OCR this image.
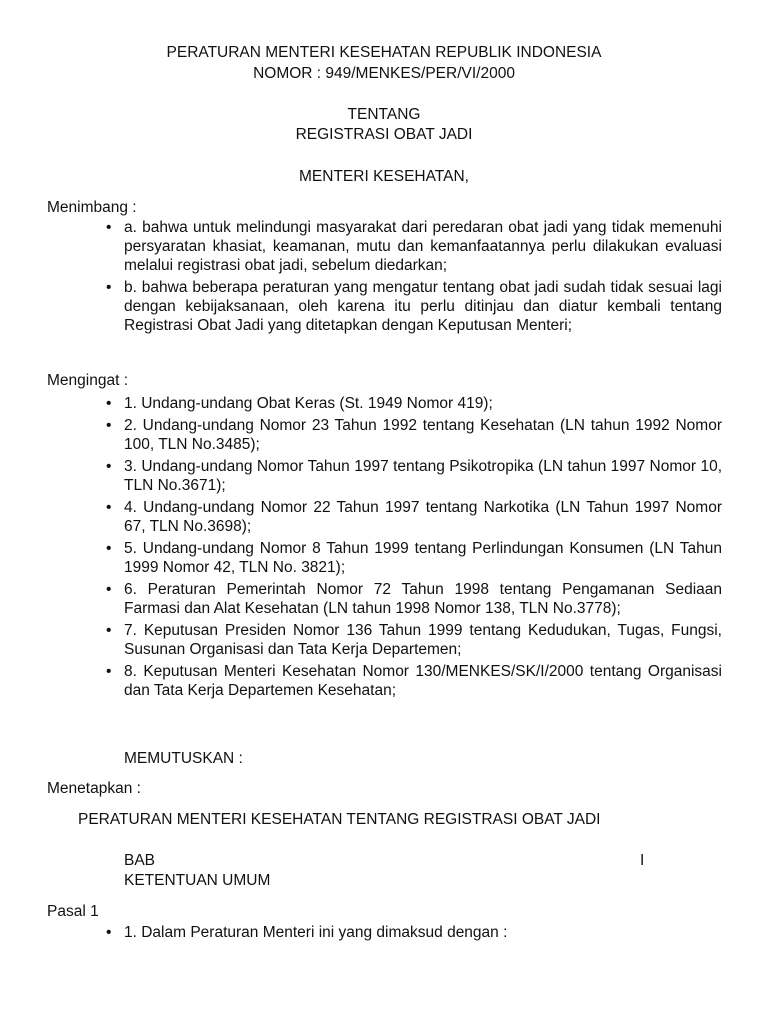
PERATURAN MENTERI KESEHATAN REPUBLIK INDONESIA
NOMOR : 949/MENKES/PER/VI/2000
TENTANG
REGISTRASI OBAT JADI
MENTERI KESEHATAN,
Menimbang :
• a. bahwa untuk melindungi masyarakat dari peredaran obat jadi yang tidak memenuhi persyaratan khasiat, keamanan, mutu dan kemanfaatannya perlu dilakukan evaluasi melalui registrasi obat jadi, sebelum diedarkan;
• b. bahwa beberapa peraturan yang mengatur tentang obat jadi sudah tidak sesuai lagi dengan kebijaksanaan, oleh karena itu perlu ditinjau dan diatur kembali tentang Registrasi Obat Jadi yang ditetapkan dengan Keputusan Menteri;
Mengingat :
• 1. Undang-undang Obat Keras (St. 1949 Nomor 419);
• 2. Undang-undang Nomor 23 Tahun 1992 tentang Kesehatan (LN tahun 1992 Nomor 100, TLN No.3485);
• 3. Undang-undang Nomor Tahun 1997 tentang Psikotropika (LN tahun 1997 Nomor 10, TLN No.3671);
• 4. Undang-undang Nomor 22 Tahun 1997 tentang Narkotika (LN Tahun 1997 Nomor 67, TLN No.3698);
• 5. Undang-undang Nomor 8 Tahun 1999 tentang Perlindungan Konsumen (LN Tahun 1999 Nomor 42, TLN No. 3821);
• 6. Peraturan Pemerintah Nomor 72 Tahun 1998 tentang Pengamanan Sediaan Farmasi dan Alat Kesehatan (LN tahun 1998 Nomor 138, TLN No.3778);
• 7. Keputusan Presiden Nomor 136 Tahun 1999 tentang Kedudukan, Tugas, Fungsi, Susunan Organisasi dan Tata Kerja Departemen;
• 8. Keputusan Menteri Kesehatan Nomor 130/MENKES/SK/I/2000 tentang Organisasi dan Tata Kerja Departemen Kesehatan;
MEMUTUSKAN :
Menetapkan :
PERATURAN MENTERI KESEHATAN TENTANG REGISTRASI OBAT JADI
BAB	I
KETENTUAN UMUM
Pasal 1
• 1. Dalam Peraturan Menteri ini yang dimaksud dengan :
